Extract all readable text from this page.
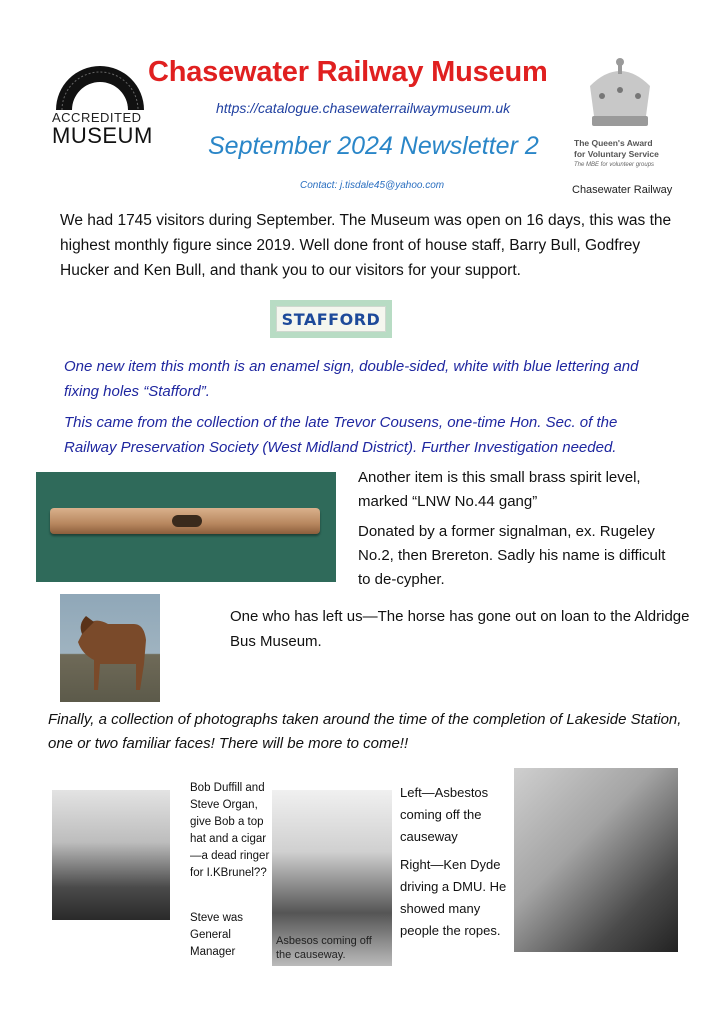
ACCREDITED
MUSEUM
Chasewater Railway Museum
https://catalogue.chasewaterrailwaymuseum.uk
September 2024 Newsletter 2
Contact: j.tisdale45@yahoo.com
The Queen's Award
for Voluntary Service
The MBE for volunteer groups
Chasewater Railway
We had 1745 visitors during September. The Museum was open on 16 days, this was the highest monthly figure since 2019. Well done front of house staff, Barry Bull, Godfrey Hucker and Ken Bull, and thank you to our visitors for your support.
STAFFORD
One new item this month is an enamel sign, double-sided, white with blue lettering and fixing holes “Stafford”.
This came from the collection of the late Trevor Cousens, one-time Hon. Sec. of the Railway Preservation Society (West Midland District). Further Investigation needed.
Another item is this small brass spirit level, marked “LNW No.44 gang”
Donated by a former signalman, ex. Rugeley No.2, then Brereton. Sadly his name is difficult to de-cypher.
One who has left us—The horse has gone out on loan to the Aldridge Bus Museum.
Finally, a collection of photographs taken around the time of the completion of Lakeside Station, one or two familiar faces! There will be more to come!!
Bob Duffill and Steve Organ, give Bob a top hat and a cigar—a dead ringer for I.KBrunel??
Steve was General Manager
Asbesos coming off the causeway.
Left—Asbestos coming off the causeway
Right—Ken Dyde driving a DMU. He showed many people the ropes.
